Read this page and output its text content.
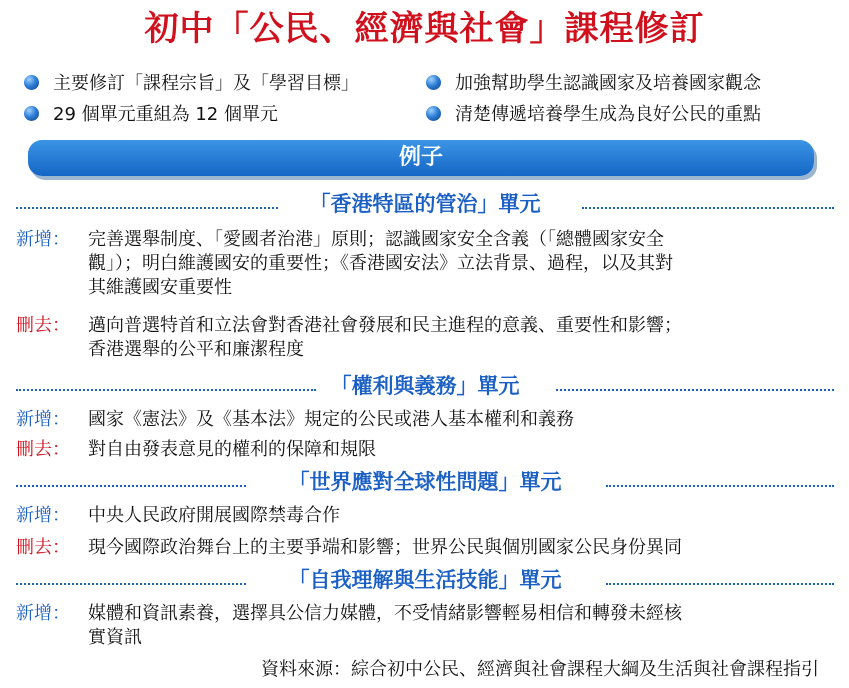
初中「公民、經濟與社會」課程修訂
主要修訂「課程宗旨」及「學習目標」
29 個單元重組為 12 個單元
加強幫助學生認識國家及培養國家觀念
清楚傳遞培養學生成為良好公民的重點
例子
「香港特區的管治」單元
新增： 完善選舉制度、「愛國者治港」原則；認識國家安全含義（「總體國家安全
觀」）；明白維護國安的重要性；《香港國安法》立法背景、過程，以及其對
其維護國安重要性
刪去： 邁向普選特首和立法會對香港社會發展和民主進程的意義、重要性和影響；
香港選舉的公平和廉潔程度
「權利與義務」單元
新增： 國家《憲法》及《基本法》規定的公民或港人基本權利和義務
刪去： 對自由發表意見的權利的保障和規限
「世界應對全球性問題」單元
新增： 中央人民政府開展國際禁毒合作
刪去： 現今國際政治舞台上的主要爭端和影響；世界公民與個別國家公民身份異同
「自我理解與生活技能」單元
新增： 媒體和資訊素養，選擇具公信力媒體，不受情緒影響輕易相信和轉發未經核
實資訊
資料來源：綜合初中公民、經濟與社會課程大綱及生活與社會課程指引
